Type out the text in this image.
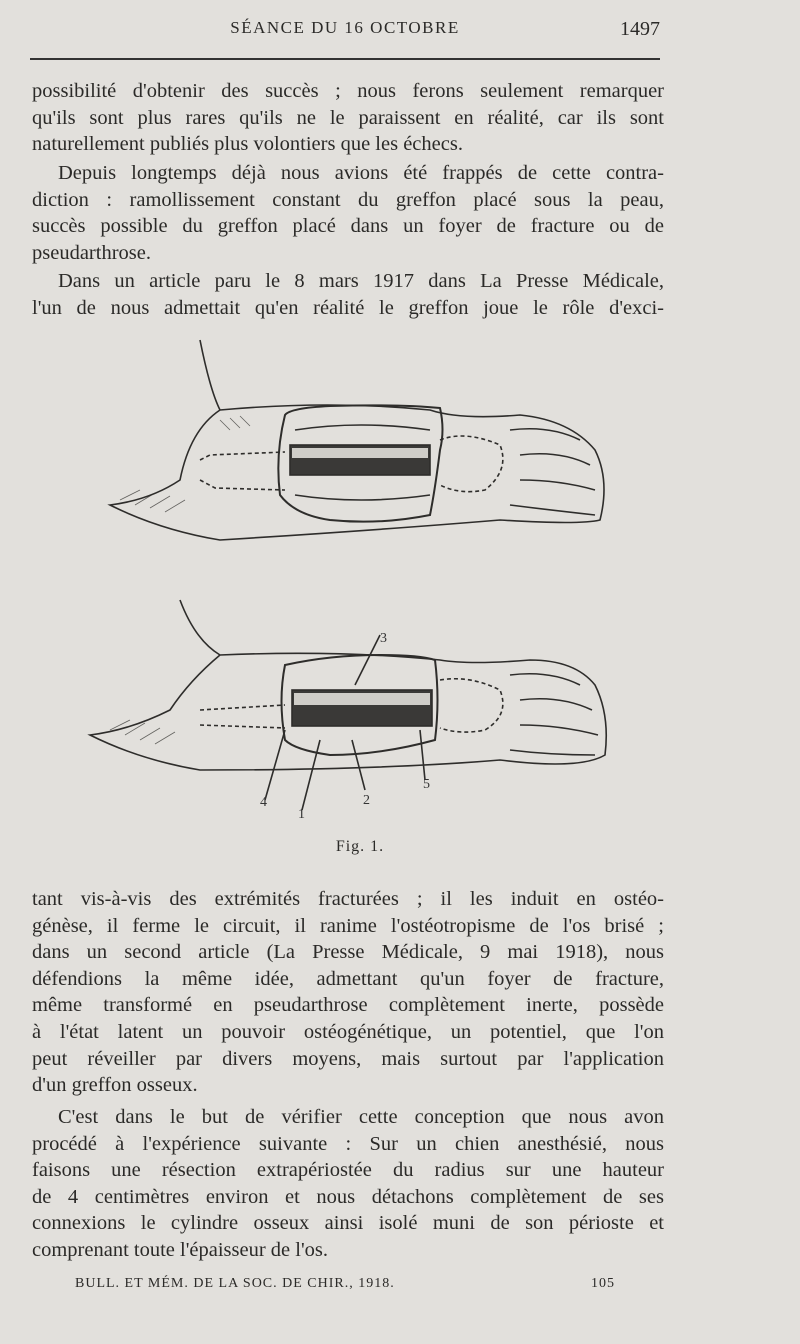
SÉANCE DU 16 OCTOBRE	1497

possibilité d'obtenir des succès ; nous ferons seulement remarquer
qu'ils sont plus rares qu'ils ne le paraissent en réalité, car ils sont
naturellement publiés plus volontiers que les échecs.

Depuis longtemps déjà nous avions été frappés de cette contra-
diction : ramollissement constant du greffon placé sous la peau,
succès possible du greffon placé dans un foyer de fracture ou de
pseudarthrose.

Dans un article paru le 8 mars 1917 dans La Presse Médicale,
l'un de nous admettait qu'en réalité le greffon joue le rôle d'exci-

3
4
1
2
5
Fig. 1.

tant vis-à-vis des extrémités fracturées ; il les induit en ostéo-
génèse, il ferme le circuit, il ranime l'ostéotropisme de l'os brisé ;
dans un second article (La Presse Médicale, 9 mai 1918), nous
défendions la même idée, admettant qu'un foyer de fracture,
même transformé en pseudarthrose complètement inerte, possède
à l'état latent un pouvoir ostéogénétique, un potentiel, que l'on
peut réveiller par divers moyens, mais surtout par l'application
d'un greffon osseux.

C'est dans le but de vérifier cette conception que nous avon
procédé à l'expérience suivante : Sur un chien anesthésié, nous
faisons une résection extrapériostée du radius sur une hauteur
de 4 centimètres environ et nous détachons complètement de ses
connexions le cylindre osseux ainsi isolé muni de son périoste et
comprenant toute l'épaisseur de l'os.

BULL. ET MÉM. DE LA SOC. DE CHIR., 1918.	105
